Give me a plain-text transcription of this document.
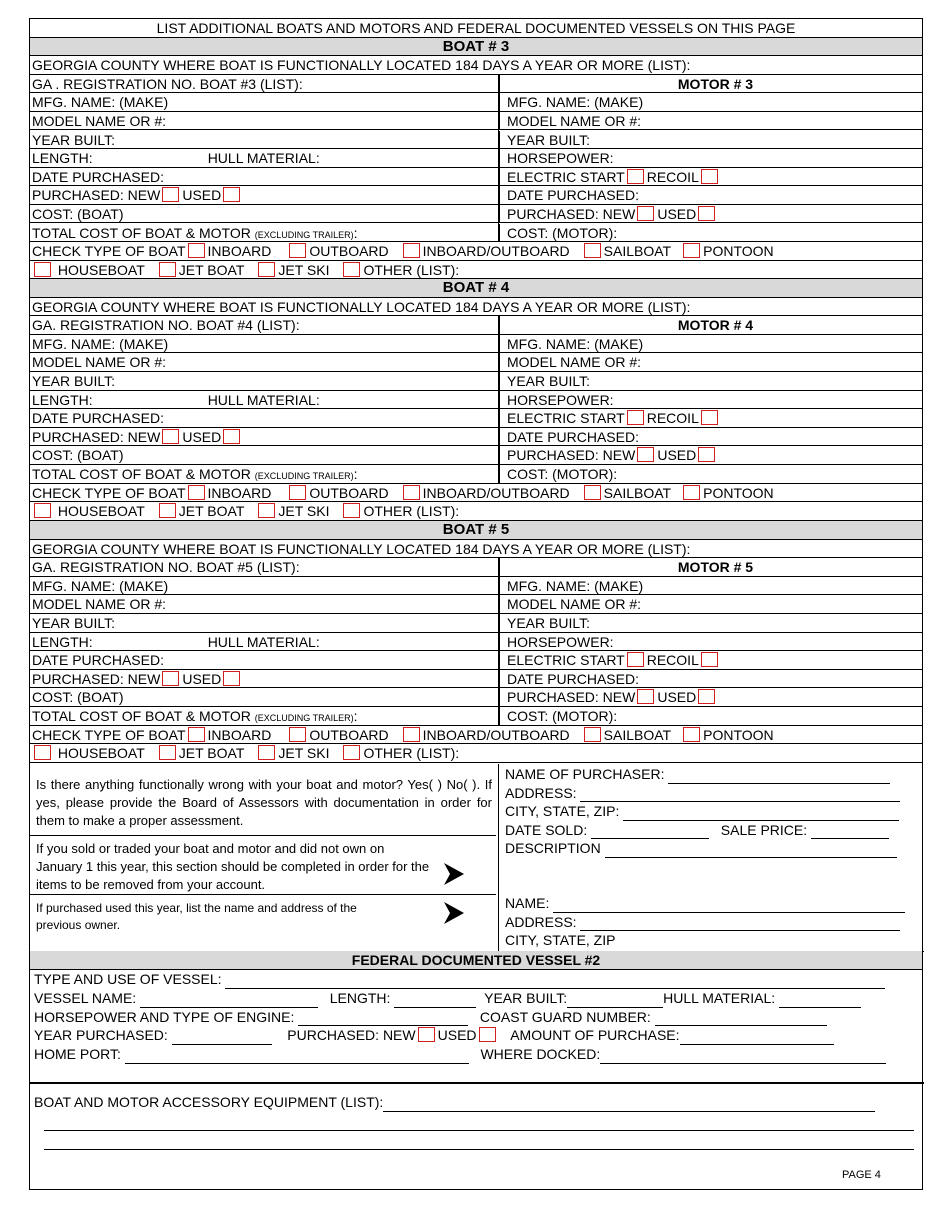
LIST ADDITIONAL BOATS AND MOTORS AND FEDERAL DOCUMENTED VESSELS ON THIS PAGE
BOAT # 3
GEORGIA COUNTY WHERE BOAT IS FUNCTIONALLY LOCATED 184 DAYS A YEAR OR MORE (LIST):
GA . REGISTRATION NO. BOAT #3 (LIST):	MOTOR # 3
MFG. NAME: (MAKE)	MFG. NAME: (MAKE)
MODEL NAME OR #:	MODEL NAME OR #:
YEAR BUILT:	YEAR BUILT:
LENGTH:	HULL MATERIAL:	HORSEPOWER:
DATE PURCHASED:	ELECTRIC START RECOIL
PURCHASED: NEW USED	DATE PURCHASED:
COST: (BOAT)	PURCHASED: NEW USED
TOTAL COST OF BOAT & MOTOR (EXCLUDING TRAILER):	COST: (MOTOR):
CHECK TYPE OF BOAT INBOARD	OUTBOARD INBOARD/OUTBOARD SAILBOAT PONTOON
HOUSEBOAT JET BOAT JET SKI OTHER (LIST):
BOAT # 4
GEORGIA COUNTY WHERE BOAT IS FUNCTIONALLY LOCATED 184 DAYS A YEAR OR MORE (LIST):
GA. REGISTRATION NO. BOAT #4 (LIST):	MOTOR # 4
MFG. NAME: (MAKE)	MFG. NAME: (MAKE)
MODEL NAME OR #:	MODEL NAME OR #:
YEAR BUILT:	YEAR BUILT:
LENGTH:	HULL MATERIAL:	HORSEPOWER:
DATE PURCHASED:	ELECTRIC START RECOIL
PURCHASED: NEW USED	DATE PURCHASED:
COST: (BOAT)	PURCHASED: NEW USED
TOTAL COST OF BOAT & MOTOR (EXCLUDING TRAILER):	COST: (MOTOR):
CHECK TYPE OF BOAT INBOARD	OUTBOARD INBOARD/OUTBOARD SAILBOAT PONTOON
HOUSEBOAT JET BOAT JET SKI OTHER (LIST):
BOAT # 5
GEORGIA COUNTY WHERE BOAT IS FUNCTIONALLY LOCATED 184 DAYS A YEAR OR MORE (LIST):
GA. REGISTRATION NO. BOAT #5 (LIST):	MOTOR # 5
MFG. NAME: (MAKE)	MFG. NAME: (MAKE)
MODEL NAME OR #:	MODEL NAME OR #:
YEAR BUILT:	YEAR BUILT:
LENGTH:	HULL MATERIAL:	HORSEPOWER:
DATE PURCHASED:	ELECTRIC START RECOIL
PURCHASED: NEW USED	DATE PURCHASED:
COST: (BOAT)	PURCHASED: NEW USED
TOTAL COST OF BOAT & MOTOR (EXCLUDING TRAILER):	COST: (MOTOR):
CHECK TYPE OF BOAT INBOARD	OUTBOARD INBOARD/OUTBOARD SAILBOAT PONTOON
HOUSEBOAT JET BOAT JET SKI OTHER (LIST):
Is there anything functionally wrong with your boat and motor? Yes( ) No( ). If yes, please provide the Board of Assessors with documentation in order for them to make a proper assessment.
If you sold or traded your boat and motor and did not own on January 1 this year, this section should be completed in order for the items to be removed from your account.
If purchased used this year, list the name and address of the previous owner.
NAME OF PURCHASER:
ADDRESS:
CITY, STATE, ZIP:
DATE SOLD:	SALE PRICE:
DESCRIPTION
NAME:
ADDRESS:
CITY, STATE, ZIP
FEDERAL DOCUMENTED VESSEL #2
TYPE AND USE OF VESSEL:
VESSEL NAME:	LENGTH:	YEAR BUILT:	HULL MATERIAL:
HORSEPOWER AND TYPE OF ENGINE:	COAST GUARD NUMBER:
YEAR PURCHASED:	PURCHASED: NEW USED AMOUNT OF PURCHASE:
HOME PORT:	WHERE DOCKED:
BOAT AND MOTOR ACCESSORY EQUIPMENT (LIST):
PAGE 4
